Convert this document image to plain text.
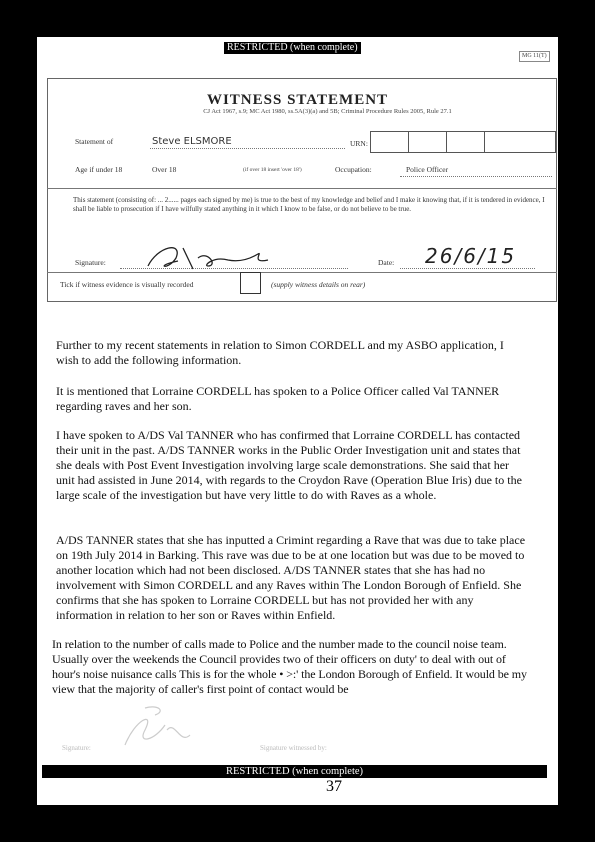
RESTRICTED (when complete)
MG 11(T)
WITNESS STATEMENT
CJ Act 1967, s.9; MC Act 1980, ss.5A(3)(a) and 5B; Criminal Procedure Rules 2005, Rule 27.1
Statement of	Steve ELSMORE	URN:
Age if under 18	Over 18	(if over 18 insert 'over 18')	Occupation:	Police Officer
This statement (consisting of: ... 2...... pages each signed by me) is true to the best of my knowledge and belief and I make it knowing that, if it is tendered in evidence, I shall be liable to prosecution if I have wilfully stated anything in it which I know to be false, or do not believe to be true.
Signature:	Date: 26/6/15
Tick if witness evidence is visually recorded	(supply witness details on rear)
Further to my recent statements in relation to Simon CORDELL and my ASBO application, I wish to add the following information.
It is mentioned that Lorraine CORDELL has spoken to a Police Officer called Val TANNER regarding raves and her son.
I have spoken to A/DS Val TANNER who has confirmed that Lorraine CORDELL has contacted their unit in the past. A/DS TANNER works in the Public Order Investigation unit and states that she deals with Post Event Investigation involving large scale demonstrations. She said that her unit had assisted in June 2014, with regards to the Croydon Rave (Operation Blue Iris) due to the large scale of the investigation but have very little to do with Raves as a whole.
A/DS TANNER states that she has inputted a Crimint regarding a Rave that was due to take place on 19th July 2014 in Barking. This rave was due to be at one location but was due to be moved to another location which had not been disclosed. A/DS TANNER states that she has had no involvement with Simon CORDELL and any Raves within The London Borough of Enfield. She confirms that she has spoken to Lorraine CORDELL but has not provided her with any information in relation to her son or Raves within Enfield.
In relation to the number of calls made to Police and the number made to the council noise team. Usually over the weekends the Council provides two of their officers on duty' to deal with out of hour's noise nuisance calls This is for the whole • >:' the London Borough of Enfield. It would be my view that the majority of caller's first point of contact would be
Signature:	Signature witnessed by:
RESTRICTED (when complete)
37
